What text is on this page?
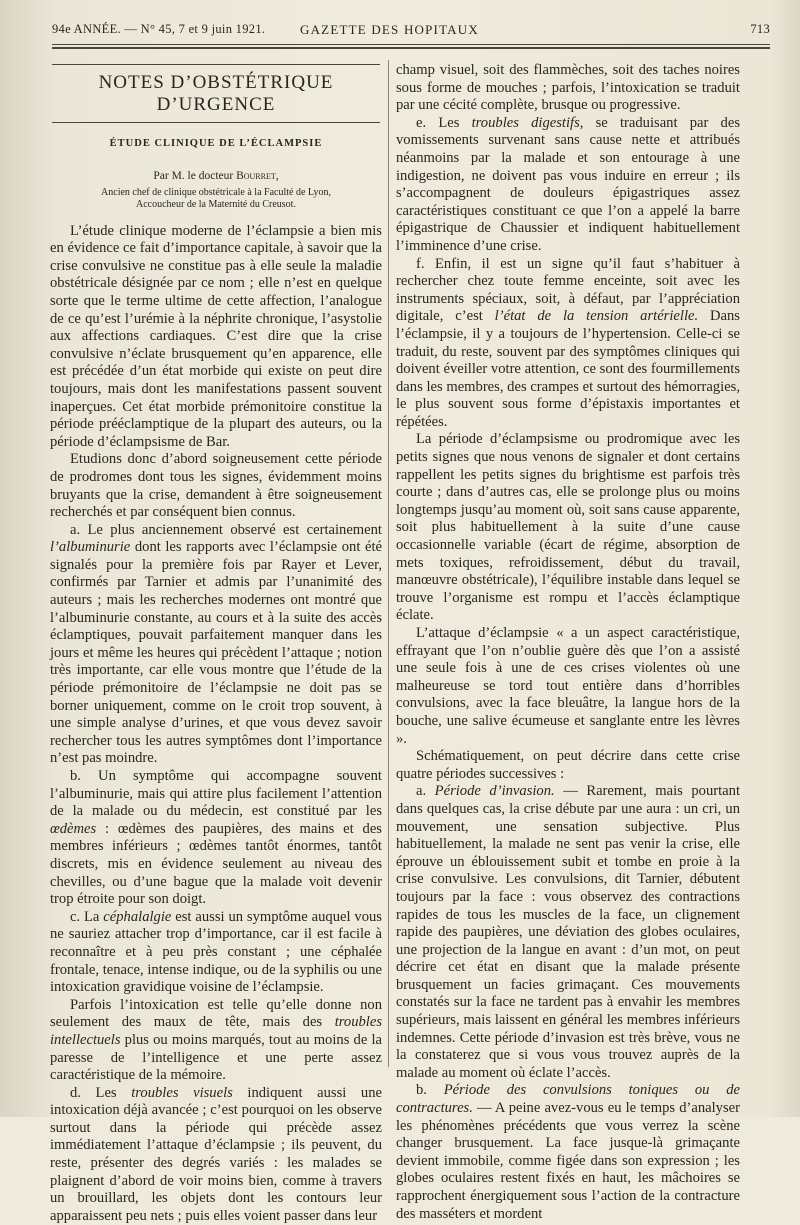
94e ANNÉE. — N° 45, 7 et 9 juin 1921.	GAZETTE DES HOPITAUX	713
NOTES D’OBSTÉTRIQUE D’URGENCE
ÉTUDE CLINIQUE DE L’ÉCLAMPSIE
Par M. le docteur Bourret,
Ancien chef de clinique obstétricale à la Faculté de Lyon,
Accoucheur de la Maternité du Creusot.

L’étude clinique moderne de l’éclampsie a bien mis en évidence ce fait d’importance capitale, à savoir que la crise convulsive ne constitue pas à elle seule la maladie obstétricale désignée par ce nom ; elle n’est en quelque sorte que le terme ultime de cette affection, l’analogue de ce qu’est l’urémie à la néphrite chronique, l’asystolie aux affections cardiaques. C’est dire que la crise convulsive n’éclate brusquement qu’en apparence, elle est précédée d’un état morbide qui existe on peut dire toujours, mais dont les manifestations passent souvent inaperçues. Cet état morbide prémonitoire constitue la période prééclamptique de la plupart des auteurs, ou la période d’éclampsisme de Bar.

Etudions donc d’abord soigneusement cette période de prodromes dont tous les signes, évidemment moins bruyants que la crise, demandent à être soigneusement recherchés et par conséquent bien connus.

a. Le plus anciennement observé est certainement l’albuminurie dont les rapports avec l’éclampsie ont été signalés pour la première fois par Rayer et Lever, confirmés par Tarnier et admis par l’unanimité des auteurs ; mais les recherches modernes ont montré que l’albuminurie constante, au cours et à la suite des accès éclamptiques, pouvait parfaitement manquer dans les jours et même les heures qui précèdent l’attaque ; notion très importante, car elle vous montre que l’étude de la période prémonitoire de l’éclampsie ne doit pas se borner uniquement, comme on le croit trop souvent, à une simple analyse d’urines, et que vous devez savoir rechercher tous les autres symptômes dont l’importance n’est pas moindre.

b. Un symptôme qui accompagne souvent l’albuminurie, mais qui attire plus facilement l’attention de la malade ou du médecin, est constitué par les œdèmes : œdèmes des paupières, des mains et des membres inférieurs ; œdèmes tantôt énormes, tantôt discrets, mis en évidence seulement au niveau des chevilles, ou d’une bague que la malade voit devenir trop étroite pour son doigt.

c. La céphalalgie est aussi un symptôme auquel vous ne sauriez attacher trop d’importance, car il est facile à reconnaître et à peu près constant ; une céphalée frontale, tenace, intense indique, ou de la syphilis ou une intoxication gravidique voisine de l’éclampsie.

Parfois l’intoxication est telle qu’elle donne non seulement des maux de tête, mais des troubles intellectuels plus ou moins marqués, tout au moins de la paresse de l’intelligence et une perte assez caractéristique de la mémoire.

d. Les troubles visuels indiquent aussi une intoxication déjà avancée ; c’est pourquoi on les observe surtout dans la période qui précède assez immédiatement l’attaque d’éclampsie ; ils peuvent, du reste, présenter des degrés variés : les malades se plaignent d’abord de voir moins bien, comme à travers un brouillard, les objets dont les contours leur apparaissent peu nets ; puis elles voient passer dans leur

champ visuel, soit des flammèches, soit des taches noires sous forme de mouches ; parfois, l’intoxication se traduit par une cécité complète, brusque ou progressive.

e. Les troubles digestifs, se traduisant par des vomissements survenant sans cause nette et attribués néanmoins par la malade et son entourage à une indigestion, ne doivent pas vous induire en erreur ; ils s’accompagnent de douleurs épigastriques assez caractéristiques constituant ce que l’on a appelé la barre épigastrique de Chaussier et indiquent habituellement l’imminence d’une crise.

f. Enfin, il est un signe qu’il faut s’habituer à rechercher chez toute femme enceinte, soit avec les instruments spéciaux, soit, à défaut, par l’appréciation digitale, c’est l’état de la tension artérielle. Dans l’éclampsie, il y a toujours de l’hypertension. Celle-ci se traduit, du reste, souvent par des symptômes cliniques qui doivent éveiller votre attention, ce sont des fourmillements dans les membres, des crampes et surtout des hémorragies, le plus souvent sous forme d’épistaxis importantes et répétées.

La période d’éclampsisme ou prodromique avec les petits signes que nous venons de signaler et dont certains rappellent les petits signes du brightisme est parfois très courte ; dans d’autres cas, elle se prolonge plus ou moins longtemps jusqu’au moment où, soit sans cause apparente, soit plus habituellement à la suite d’une cause occasionnelle variable (écart de régime, absorption de mets toxiques, refroidissement, début du travail, manœuvre obstétricale), l’équilibre instable dans lequel se trouve l’organisme est rompu et l’accès éclamptique éclate.

L’attaque d’éclampsie « a un aspect caractéristique, effrayant que l’on n’oublie guère dès que l’on a assisté une seule fois à une de ces crises violentes où une malheureuse se tord tout entière dans d’horribles convulsions, avec la face bleuâtre, la langue hors de la bouche, une salive écumeuse et sanglante entre les lèvres ».

Schématiquement, on peut décrire dans cette crise quatre périodes successives :

a. Période d’invasion. — Rarement, mais pourtant dans quelques cas, la crise débute par une aura : un cri, un mouvement, une sensation subjective. Plus habituellement, la malade ne sent pas venir la crise, elle éprouve un éblouissement subit et tombe en proie à la crise convulsive. Les convulsions, dit Tarnier, débutent toujours par la face : vous observez des contractions rapides de tous les muscles de la face, un clignement rapide des paupières, une déviation des globes oculaires, une projection de la langue en avant : d’un mot, on peut décrire cet état en disant que la malade présente brusquement un facies grimaçant. Ces mouvements constatés sur la face ne tardent pas à envahir les membres supérieurs, mais laissent en général les membres inférieurs indemnes. Cette période d’invasion est très brève, vous ne la constaterez que si vous vous trouvez auprès de la malade au moment où éclate l’accès.

b. Période des convulsions toniques ou de contractures. — A peine avez-vous eu le temps d’analyser les phénomènes précédents que vous verrez la scène changer brusquement. La face jusque-là grimaçante devient immobile, comme figée dans son expression ; les globes oculaires restent fixés en haut, les mâchoires se rapprochent énergiquement sous l’action de la contracture des masséters et mordent
